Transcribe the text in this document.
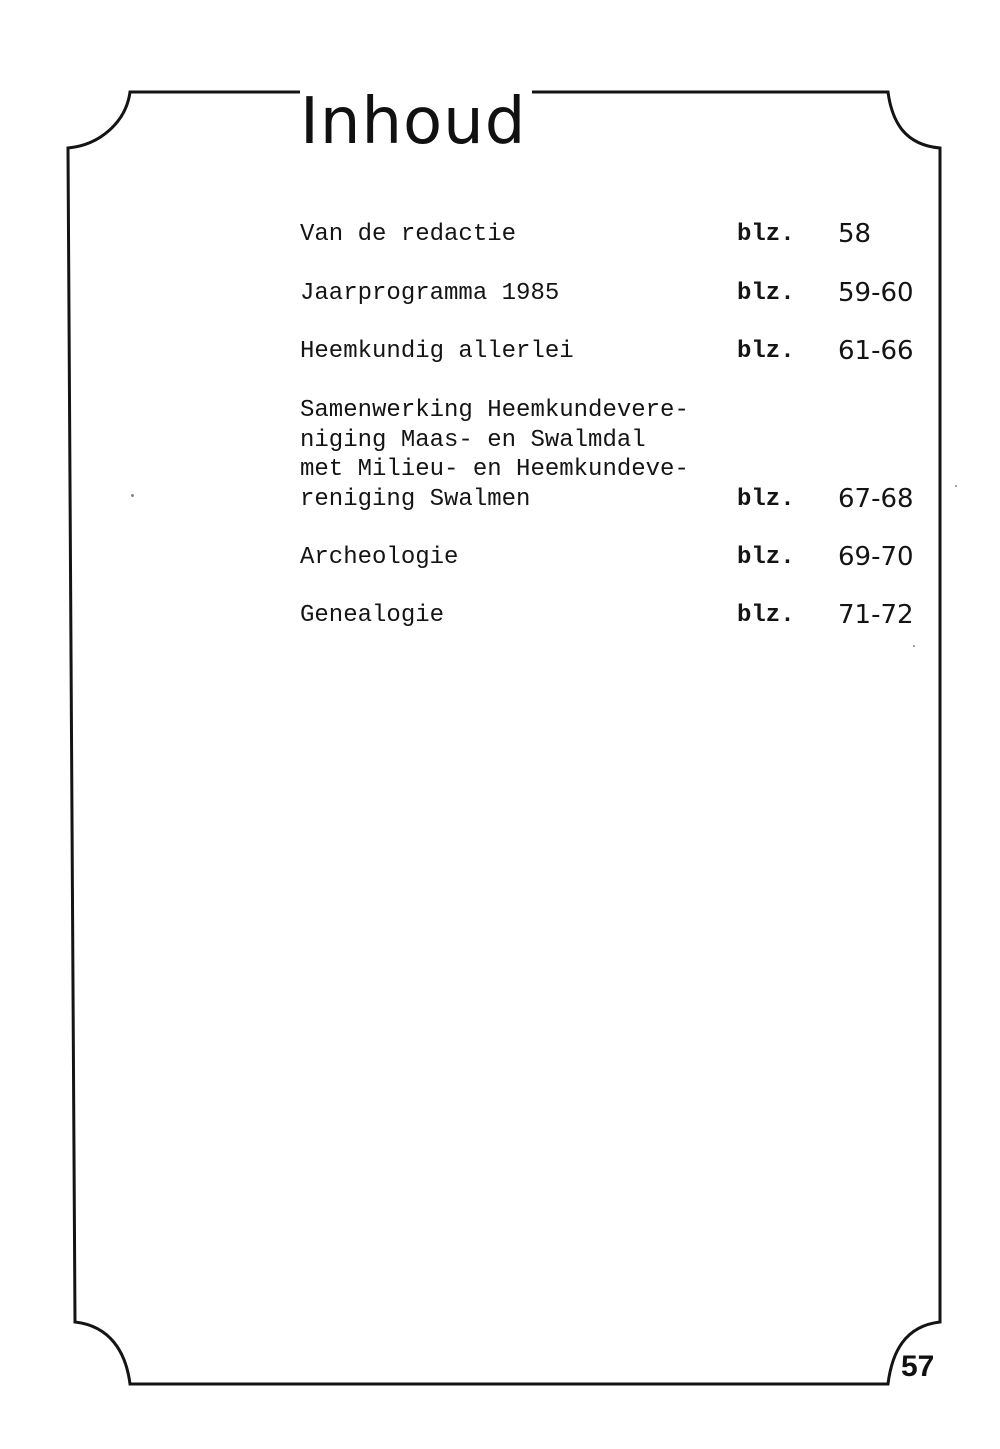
Inhoud
Van de redactie	blz. 58
Jaarprogramma 1985	blz. 59-60
Heemkundig allerlei	blz. 61-66
Samenwerking Heemkundevere-
niging Maas- en Swalmdal
met Milieu- en Heemkundeve-
reniging Swalmen	blz. 67-68
Archeologie	blz. 69-70
Genealogie	blz. 71-72
57
